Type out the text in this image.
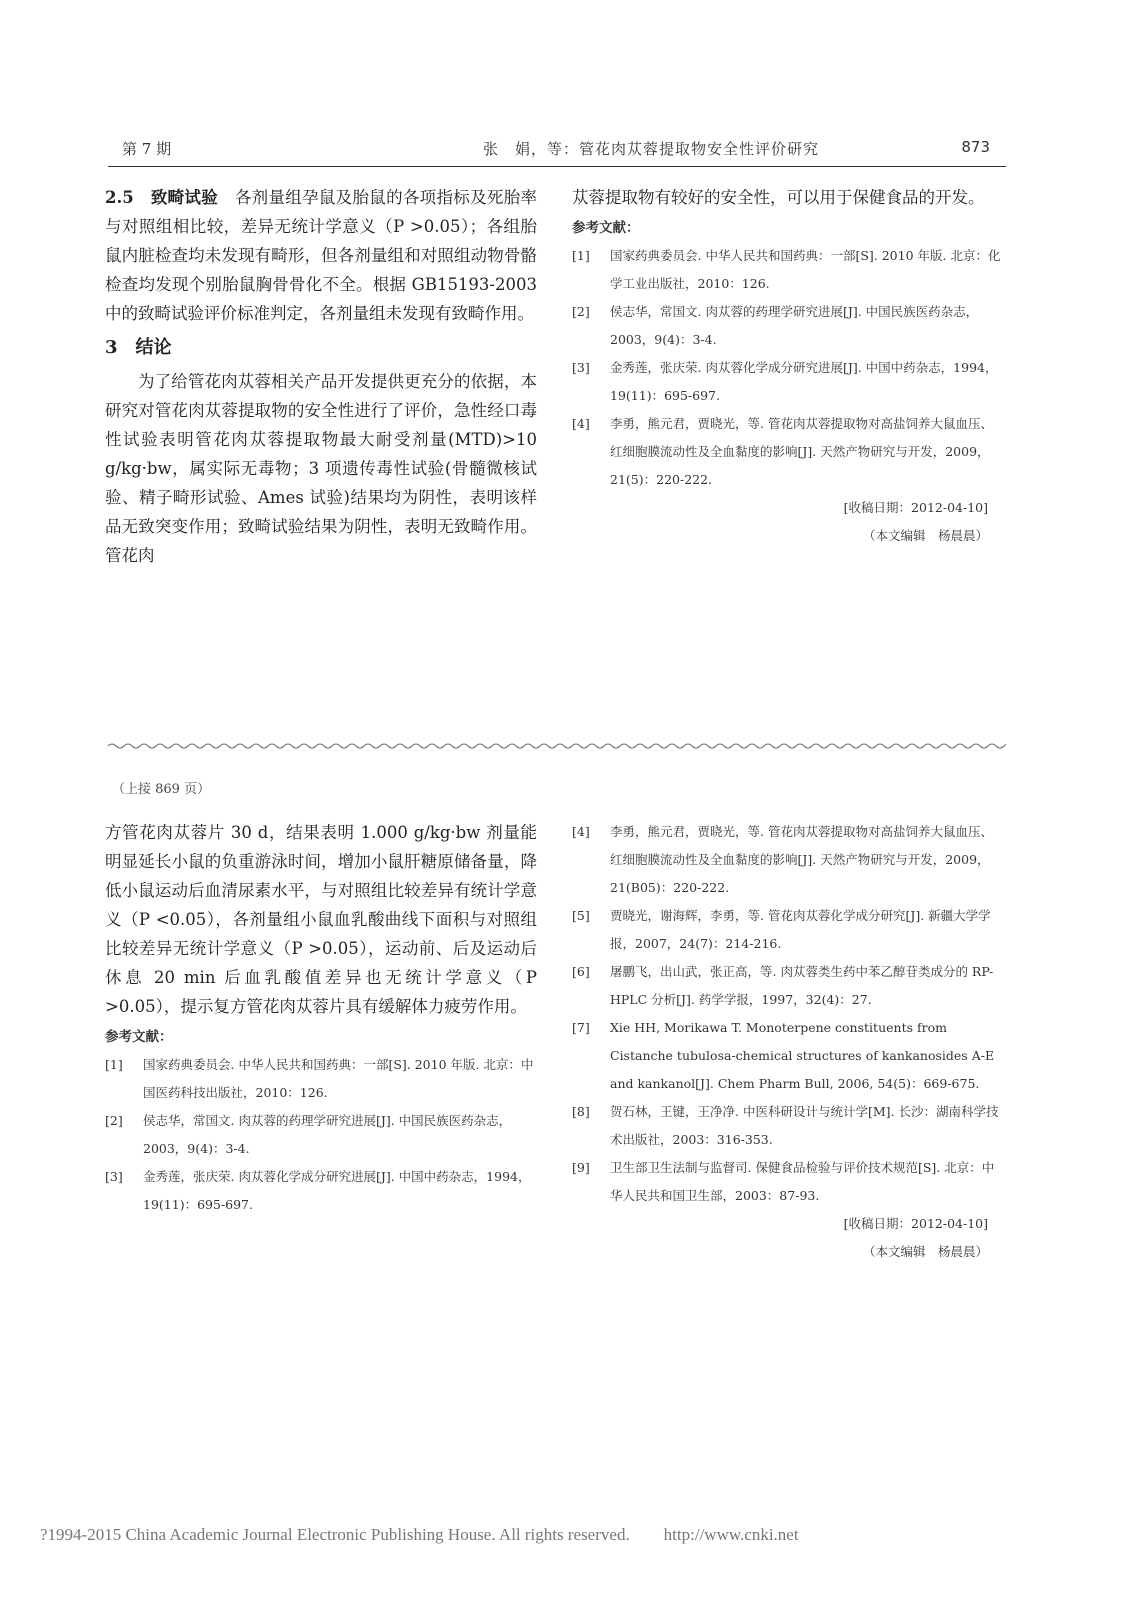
第 7 期	张　娟，等：管花肉苁蓉提取物安全性评价研究	873

2.5　致畸试验　各剂量组孕鼠及胎鼠的各项指标及死胎率与对照组相比较，差异无统计学意义（P >0.05）；各组胎鼠内脏检查均未发现有畸形，但各剂量组和对照组动物骨骼检查均发现个别胎鼠胸骨骨化不全。根据 GB15193-2003 中的致畸试验评价标准判定，各剂量组未发现有致畸作用。

3　结论

为了给管花肉苁蓉相关产品开发提供更充分的依据，本研究对管花肉苁蓉提取物的安全性进行了评价，急性经口毒性试验表明管花肉苁蓉提取物最大耐受剂量(MTD)>10 g/kg·bw，属实际无毒物；3 项遗传毒性试验(骨髓微核试验、精子畸形试验、Ames 试验)结果均为阴性，表明该样品无致突变作用；致畸试验结果为阴性，表明无致畸作用。管花肉

苁蓉提取物有较好的安全性，可以用于保健食品的开发。

参考文献：
[1] 国家药典委员会. 中华人民共和国药典：一部[S]. 2010 年版. 北京：化学工业出版社，2010：126.
[2] 侯志华，常国文. 肉苁蓉的药理学研究进展[J]. 中国民族医药杂志，2003，9(4)：3-4.
[3] 金秀莲，张庆荣. 肉苁蓉化学成分研究进展[J]. 中国中药杂志，1994，19(11)：695-697.
[4] 李勇，熊元君，贾晓光，等. 管花肉苁蓉提取物对高盐饲养大鼠血压、红细胞膜流动性及全血黏度的影响[J]. 天然产物研究与开发，2009，21(5)：220-222.
[收稿日期：2012-04-10]
（本文编辑　杨晨晨）
（上接 869 页）

方管花肉苁蓉片 30 d，结果表明 1.000 g/kg·bw 剂量能明显延长小鼠的负重游泳时间，增加小鼠肝糖原储备量，降低小鼠运动后血清尿素水平，与对照组比较差异有统计学意义（P <0.05），各剂量组小鼠血乳酸曲线下面积与对照组比较差异无统计学意义（P >0.05），运动前、后及运动后休息 20 min 后血乳酸值差异也无统计学意义（P >0.05），提示复方管花肉苁蓉片具有缓解体力疲劳作用。

参考文献：
[1] 国家药典委员会. 中华人民共和国药典：一部[S]. 2010 年版. 北京：中国医药科技出版社，2010：126.
[2] 侯志华，常国文. 肉苁蓉的药理学研究进展[J]. 中国民族医药杂志，2003，9(4)：3-4.
[3] 金秀莲，张庆荣. 肉苁蓉化学成分研究进展[J]. 中国中药杂志，1994，19(11)：695-697.
[4] 李勇，熊元君，贾晓光，等. 管花肉苁蓉提取物对高盐饲养大鼠血压、红细胞膜流动性及全血黏度的影响[J]. 天然产物研究与开发，2009，21(B05)：220-222.
[5] 贾晓光，谢海辉，李勇，等. 管花肉苁蓉化学成分研究[J]. 新疆大学学报，2007，24(7)：214-216.
[6] 屠鹏飞，出山武，张正高，等. 肉苁蓉类生药中苯乙醇苷类成分的 RP-HPLC 分析[J]. 药学学报，1997，32(4)：27.
[7] Xie HH, Morikawa T. Monoterpene constituents from Cistanche tubulosa-chemical structures of kankanosides A-E and kankanol[J]. Chem Pharm Bull, 2006, 54(5)：669-675.
[8] 贺石林，王键，王净净. 中医科研设计与统计学[M]. 长沙：湖南科学技术出版社，2003：316-353.
[9] 卫生部卫生法制与监督司. 保健食品检验与评价技术规范[S]. 北京：中华人民共和国卫生部，2003：87-93.
[收稿日期：2012-04-10]
（本文编辑　杨晨晨）
?1994-2015 China Academic Journal Electronic Publishing House. All rights reserved.　　http://www.cnki.net
